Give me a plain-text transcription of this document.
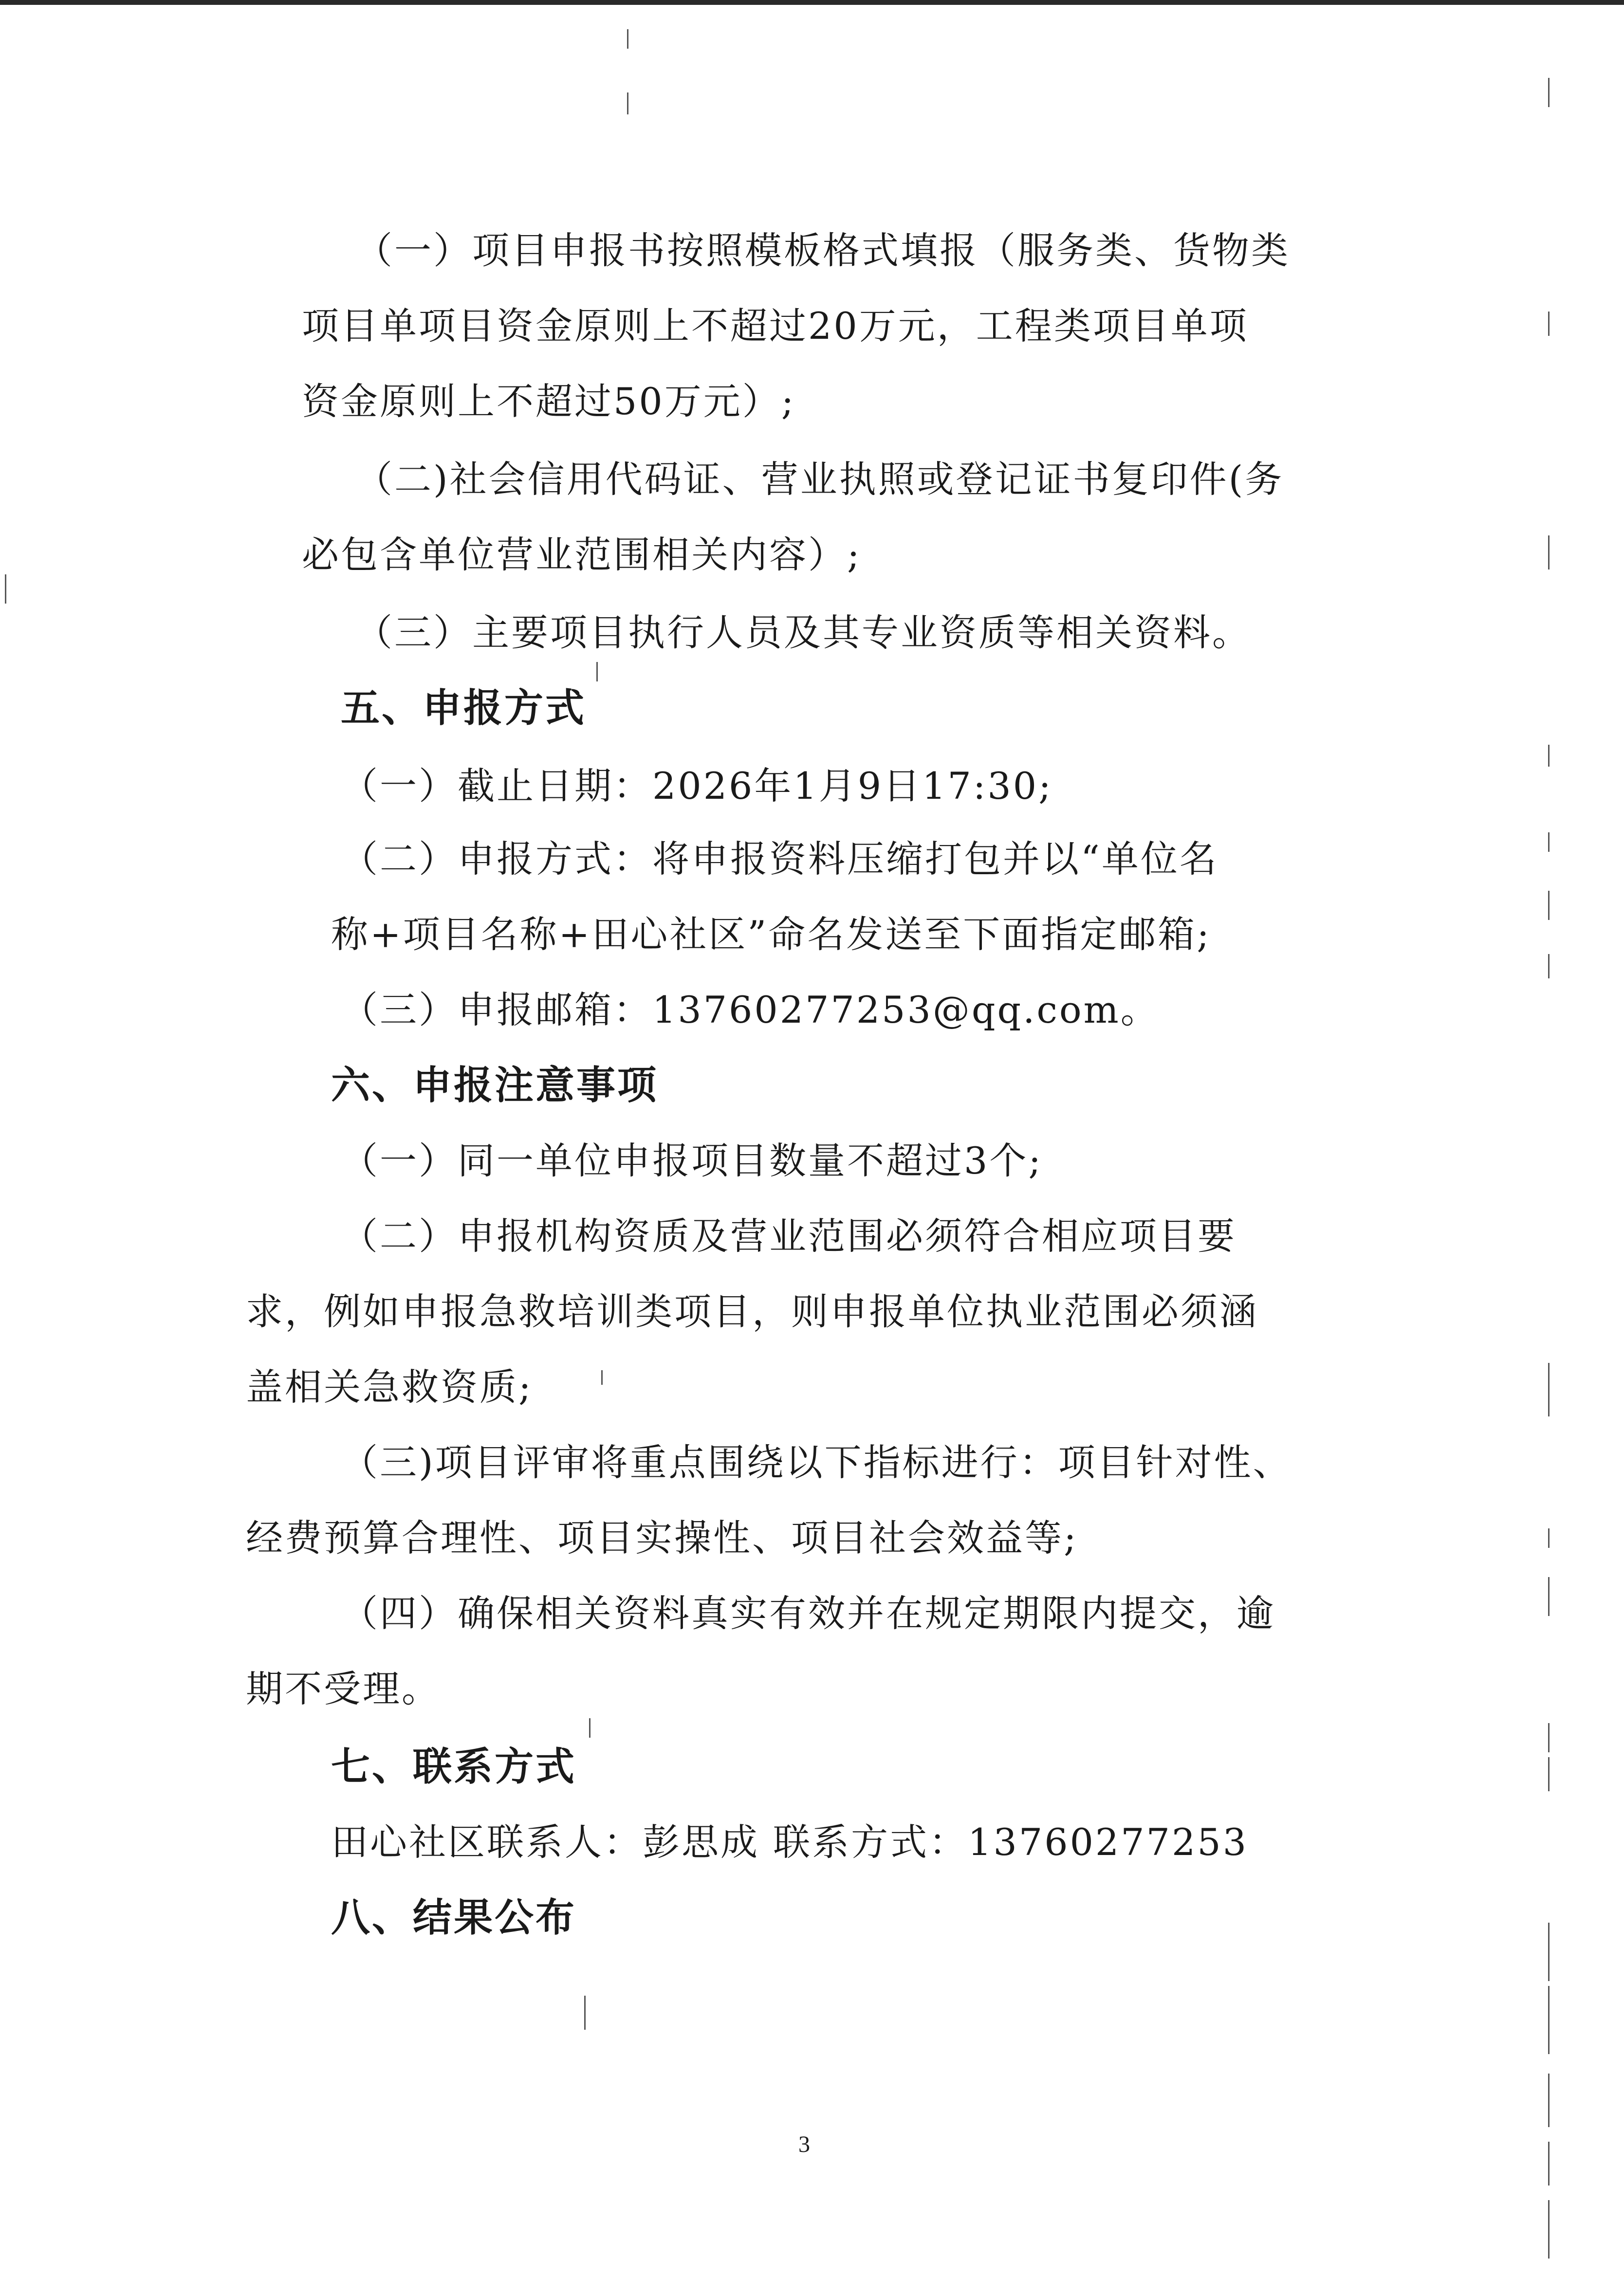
（一）项目申报书按照模板格式填报（服务类、货物类
项目单项目资金原则上不超过20万元，工程类项目单项
资金原则上不超过50万元）;
（二)社会信用代码证、营业执照或登记证书复印件(务
必包含单位营业范围相关内容）;
（三）主要项目执行人员及其专业资质等相关资料。
五、申报方式
（一）截止日期：2026年1月9日17:30;
（二）申报方式：将申报资料压缩打包并以“单位名
称+项目名称+田心社区”命名发送至下面指定邮箱;
（三）申报邮箱：13760277253@qq.com。
六、申报注意事项
（一）同一单位申报项目数量不超过3个;
（二）申报机构资质及营业范围必须符合相应项目要
求，例如申报急救培训类项目，则申报单位执业范围必须涵
盖相关急救资质;
（三)项目评审将重点围绕以下指标进行：项目针对性、
经费预算合理性、项目实操性、项目社会效益等;
（四）确保相关资料真实有效并在规定期限内提交，逾
期不受理。
七、联系方式
田心社区联系人：彭思成 联系方式：13760277253
八、结果公布
3
